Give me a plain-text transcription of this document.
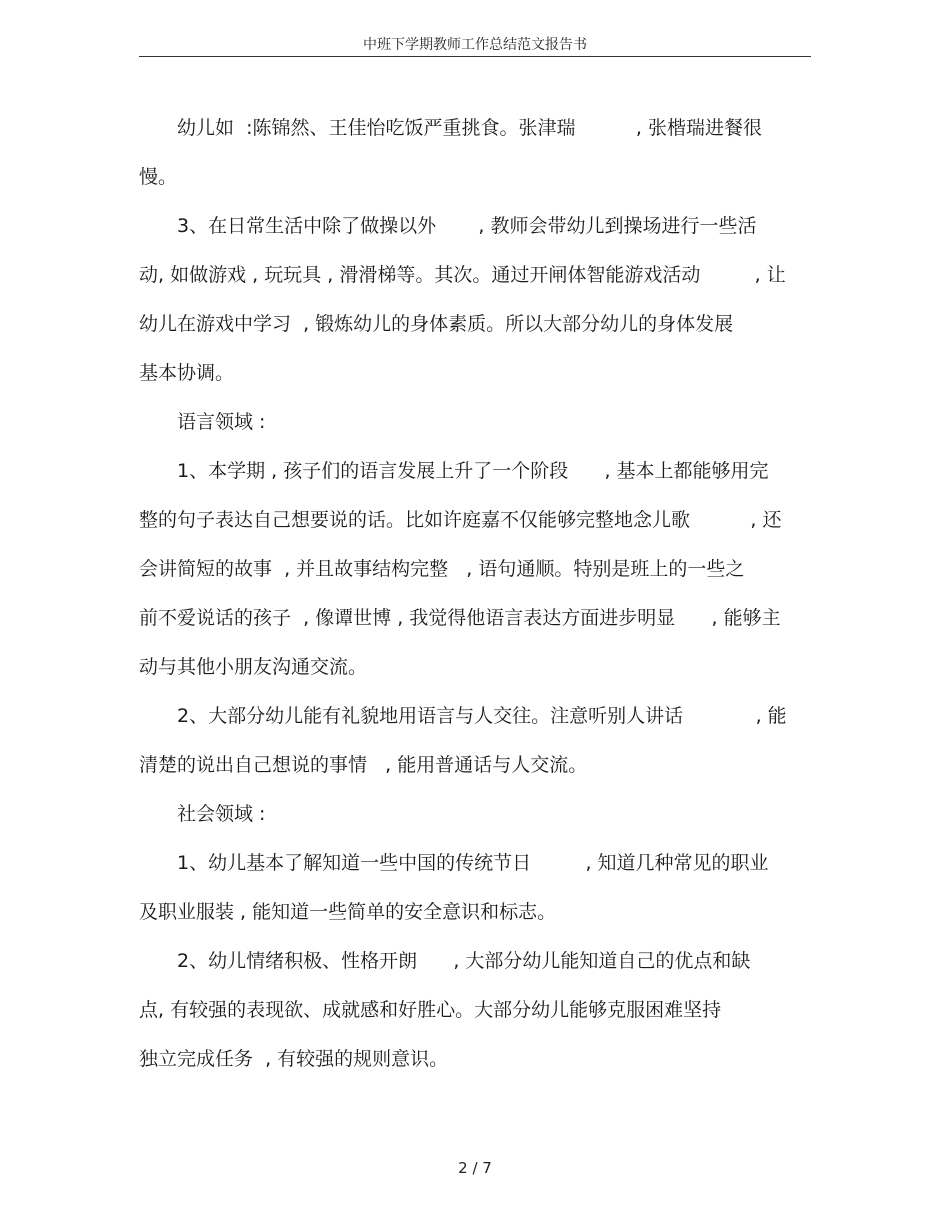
中班下学期教师工作总结范文报告书
幼儿如  :陈锦然、王佳怡吃饭严重挑食。张津瑞          , 张楷瑞进餐很
慢。
3、在日常生活中除了做操以外       , 教师会带幼儿到操场进行一些活
动, 如做游戏 , 玩玩具 , 滑滑梯等。其次。通过开闸体智能游戏活动         , 让
幼儿在游戏中学习  , 锻炼幼儿的身体素质。所以大部分幼儿的身体发展
基本协调。
语言领域 :
1、本学期 , 孩子们的语言发展上升了一个阶段      , 基本上都能够用完
整的句子表达自己想要说的话。比如许庭嘉不仅能够完整地念儿歌          , 还
会讲简短的故事  , 并且故事结构完整   , 语句通顺。特别是班上的一些之
前不爱说话的孩子  , 像谭世博 , 我觉得他语言表达方面进步明显      , 能够主
动与其他小朋友沟通交流。
2、大部分幼儿能有礼貌地用语言与人交往。注意听别人讲话            , 能
清楚的说出自己想说的事情   , 能用普通话与人交流。
社会领域 :
1、幼儿基本了解知道一些中国的传统节日         , 知道几种常见的职业
及职业服装 , 能知道一些简单的安全意识和标志。
2、幼儿情绪积极、性格开朗      , 大部分幼儿能知道自己的优点和缺
点, 有较强的表现欲、成就感和好胜心。大部分幼儿能够克服困难坚持
独立完成任务  , 有较强的规则意识。
2 / 7
